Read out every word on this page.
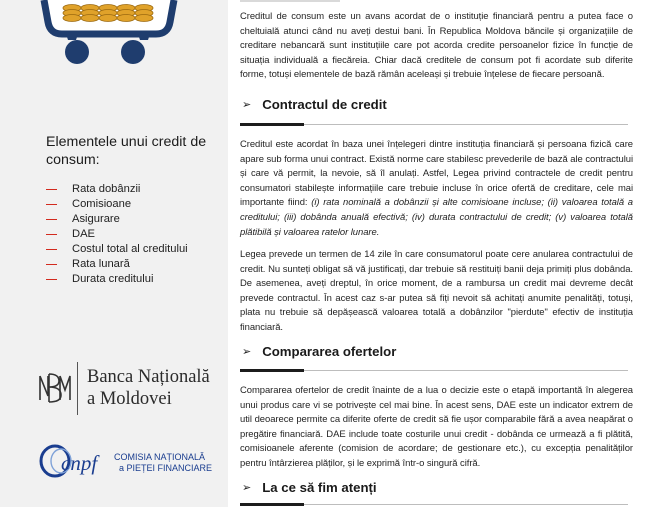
Elementele unui credit de consum:
Rata dobânzii
Comisioane
Asigurare
DAE
Costul total al creditului
Rata lunară
Durata creditului
Banca Națională
a Moldovei
cnpf	COMISIA NAȚIONALĂ
a PIEȚEI FINANCIARE

Creditul de consum este un avans acordat de o instituție financiară pentru a putea face o cheltuială atunci când nu aveți destui bani. În Republica Moldova băncile și organizațiile de creditare nebancară sunt instituțiile care pot acorda credite persoanelor fizice în funcție de situația individuală a fiecăreia. Chiar dacă creditele de consum pot fi acordate sub diferite forme, totuși elementele de bază rămân aceleași și trebuie înțelese de fiecare persoană.

➢ Contractul de credit

Creditul este acordat în baza unei înțelegeri dintre instituția financiară și persoana fizică care apare sub forma unui contract. Există norme care stabilesc prevederile de bază ale contractului și care vă permit, la nevoie, să îl anulați. Astfel, Legea privind contractele de credit pentru consumatori stabilește informațiile care trebuie incluse în orice ofertă de creditare, cele mai importante fiind: (i) rata nominală a dobânzii și alte comisioane incluse; (ii) valoarea totală a creditului; (iii) dobânda anuală efectivă; (iv) durata contractului de credit; (v) valoarea totală plătibilă și valoarea ratelor lunare.

Legea prevede un termen de 14 zile în care consumatorul poate cere anularea contractului de credit. Nu sunteți obligat să vă justificați, dar trebuie să restituiți banii deja primiți plus dobânda. De asemenea, aveți dreptul, în orice moment, de a rambursa un credit mai devreme decât prevede contractul. În acest caz s-ar putea să fiți nevoit să achitați anumite penalități, totuși, plata nu trebuie să depășească valoarea totală a dobânzilor "pierdute" efectiv de instituția financiară.

➢ Compararea ofertelor

Compararea ofertelor de credit înainte de a lua o decizie este o etapă importantă în alegerea unui produs care vi se potrivește cel mai bine. În acest sens, DAE este un indicator extrem de util deoarece permite ca diferite oferte de credit să fie ușor comparabile fără a avea neapărat o pregătire financiară. DAE include toate costurile unui credit - dobânda ce urmează a fi plătită, comisioanele aferente (comision de acordare; de gestionare etc.), cu excepția penalităților pentru întârzierea plăților, și le exprimă într-o singură cifră.

➢ La ce să fim atenți
